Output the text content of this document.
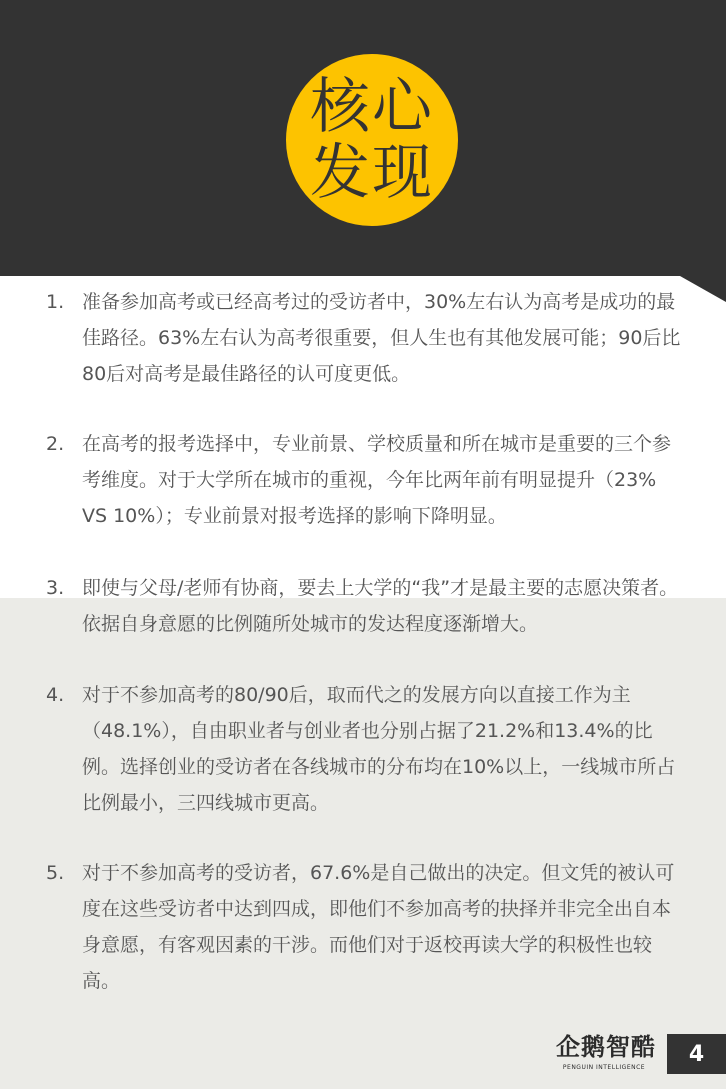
核心
发现
1. 准备参加高考或已经高考过的受访者中，30%左右认为高考是成功的最佳路径。63%左右认为高考很重要，但人生也有其他发展可能；90后比80后对高考是最佳路径的认可度更低。
2. 在高考的报考选择中，专业前景、学校质量和所在城市是重要的三个参考维度。对于大学所在城市的重视，今年比两年前有明显提升（23% VS 10%）；专业前景对报考选择的影响下降明显。
3. 即使与父母/老师有协商，要去上大学的“我”才是最主要的志愿决策者。依据自身意愿的比例随所处城市的发达程度逐渐增大。
4. 对于不参加高考的80/90后，取而代之的发展方向以直接工作为主（48.1%），自由职业者与创业者也分别占据了21.2%和13.4%的比例。选择创业的受访者在各线城市的分布均在10%以上，一线城市所占比例最小，三四线城市更高。
5. 对于不参加高考的受访者，67.6%是自己做出的决定。但文凭的被认可度在这些受访者中达到四成，即他们不参加高考的抉择并非完全出自本身意愿，有客观因素的干涉。而他们对于返校再读大学的积极性也较高。
企鹅智酷
PENGUIN INTELLIGENCE
4
